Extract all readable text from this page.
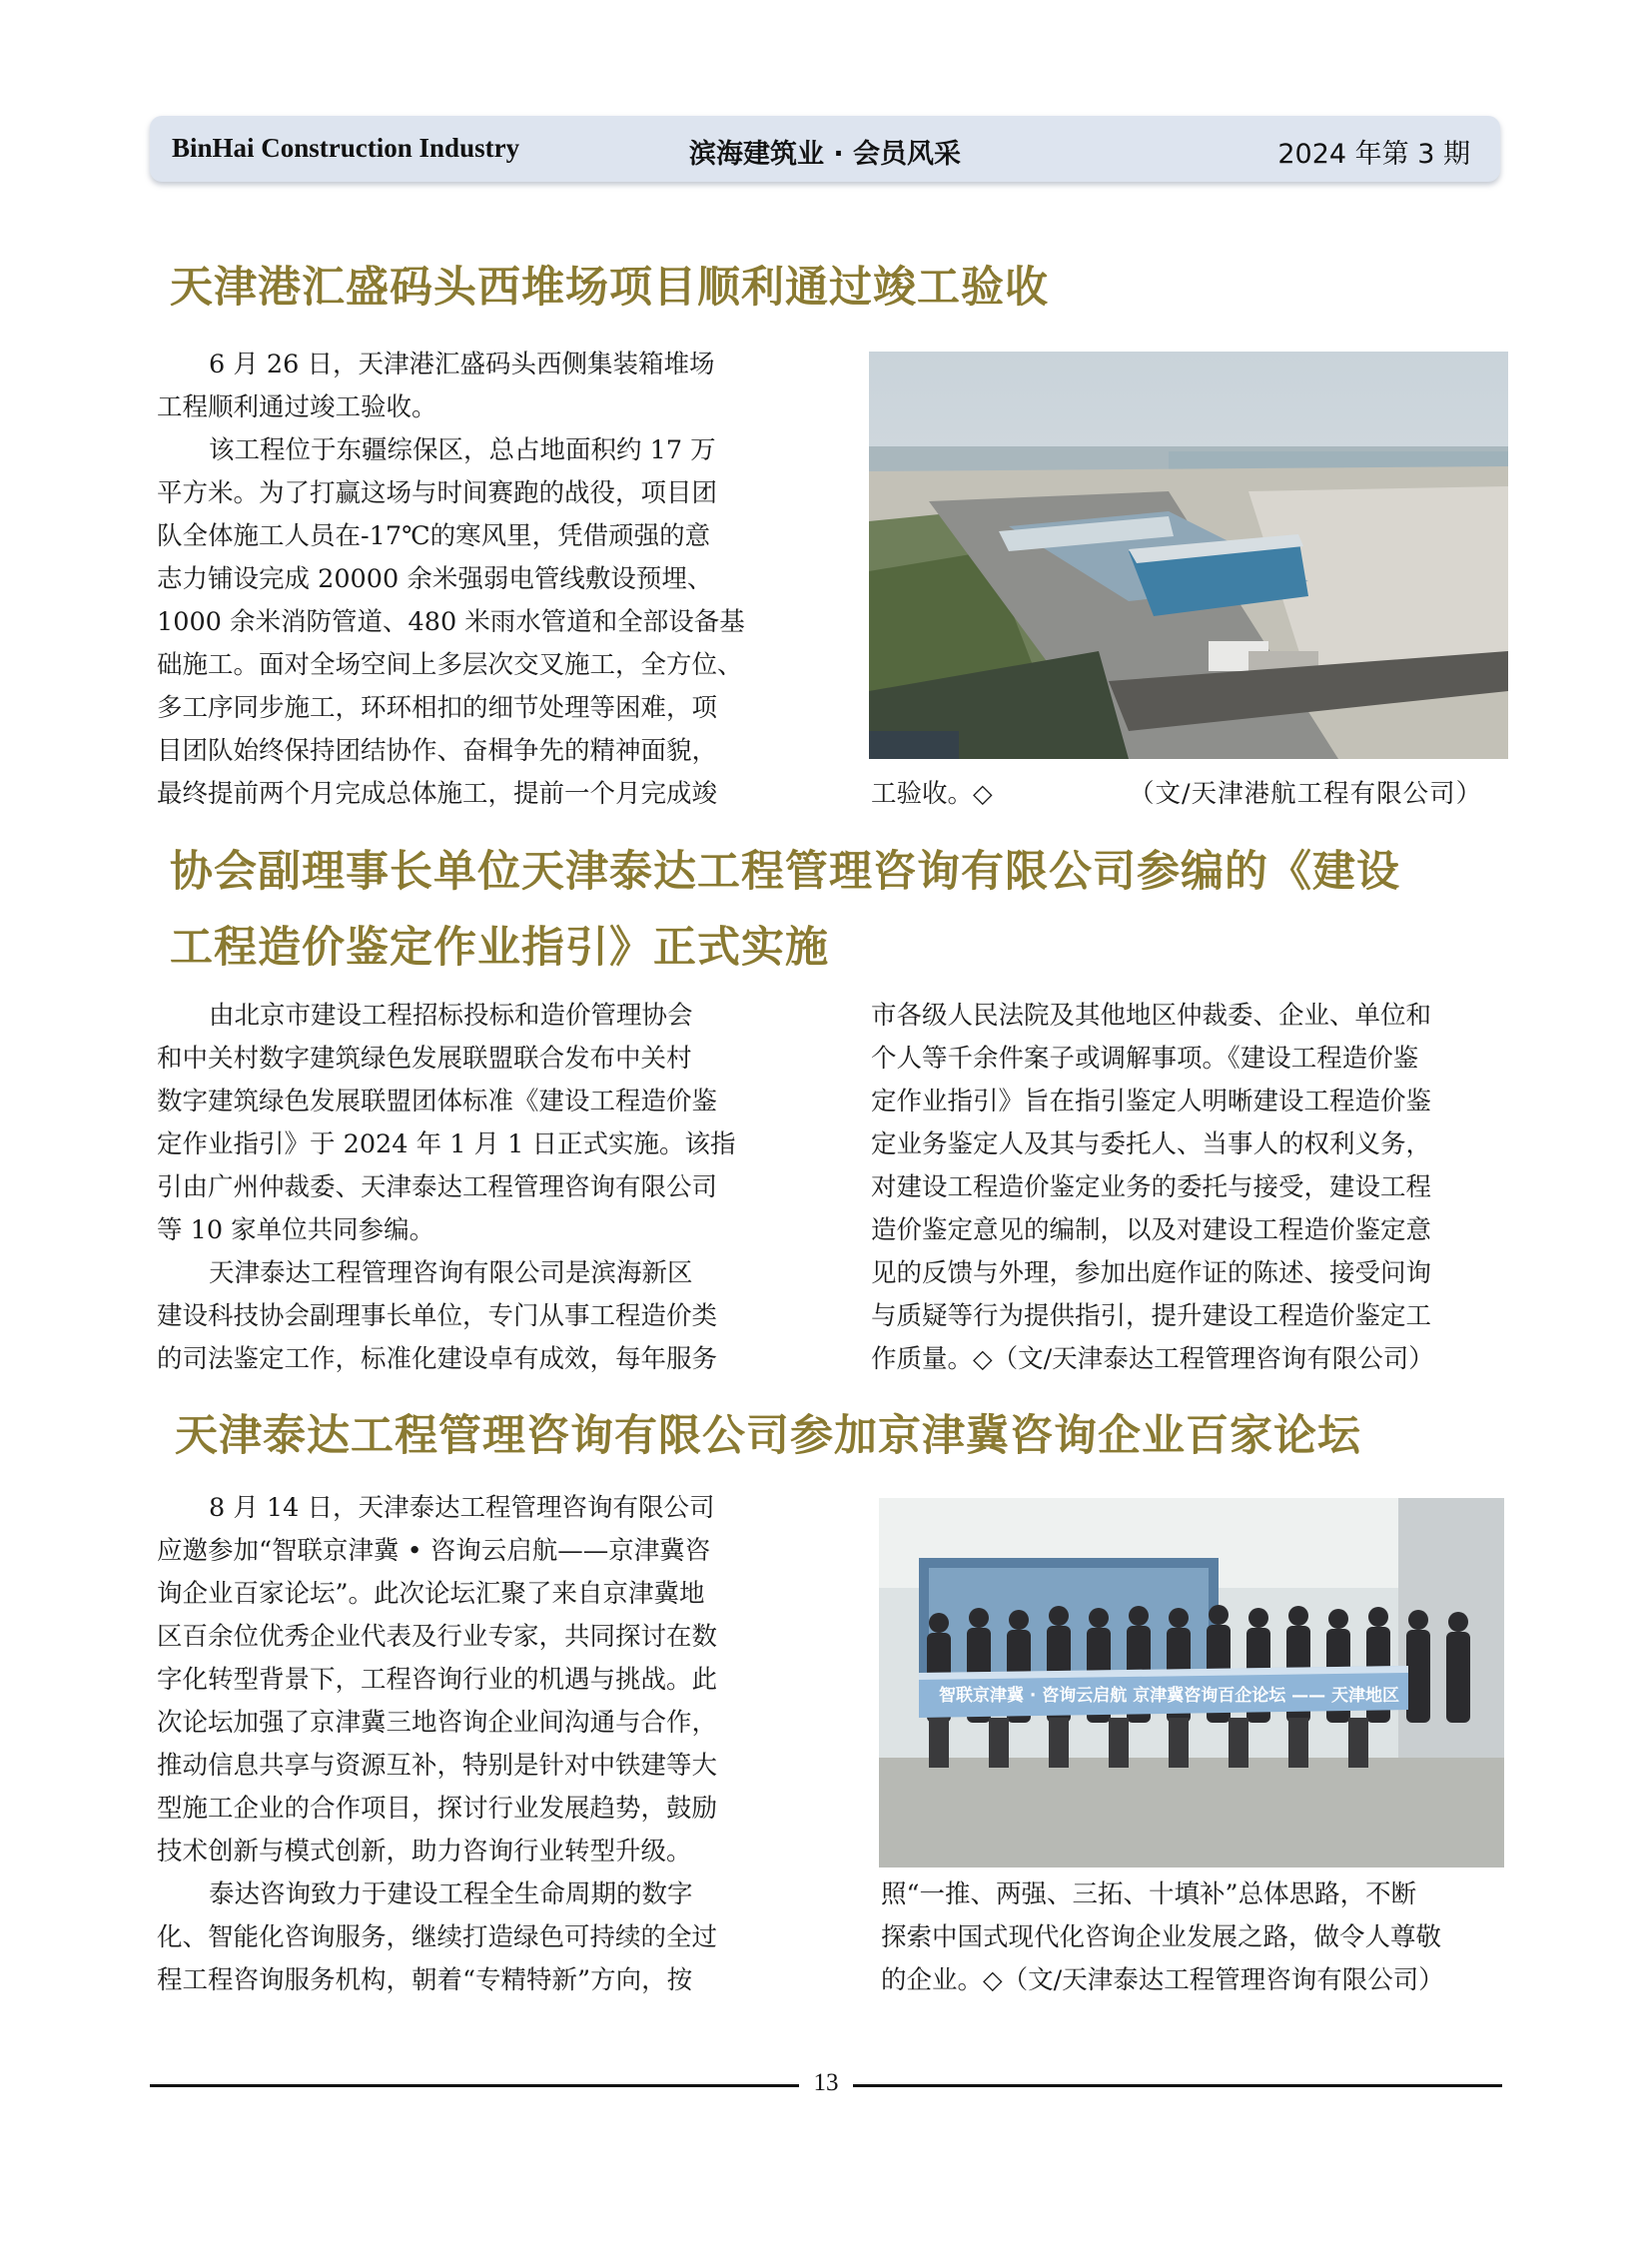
BinHai Construction Industry	滨海建筑业 · 会员风采	2024 年第 3 期
天津港汇盛码头西堆场项目顺利通过竣工验收
6 月 26 日，天津港汇盛码头西侧集装箱堆场
工程顺利通过竣工验收。
该工程位于东疆综保区，总占地面积约 17 万
平方米。为了打赢这场与时间赛跑的战役，项目团
队全体施工人员在-17℃的寒风里，凭借顽强的意
志力铺设完成 20000 余米强弱电管线敷设预埋、
1000 余米消防管道、480 米雨水管道和全部设备基
础施工。面对全场空间上多层次交叉施工，全方位、
多工序同步施工，环环相扣的细节处理等困难，项
目团队始终保持团结协作、奋楫争先的精神面貌，
最终提前两个月完成总体施工，提前一个月完成竣	工验收。◇	（文/天津港航工程有限公司）
协会副理事长单位天津泰达工程管理咨询有限公司参编的《建设
工程造价鉴定作业指引》正式实施
由北京市建设工程招标投标和造价管理协会
和中关村数字建筑绿色发展联盟联合发布中关村
数字建筑绿色发展联盟团体标准《建设工程造价鉴
定作业指引》于 2024 年 1 月 1 日正式实施。该指
引由广州仲裁委、天津泰达工程管理咨询有限公司
等 10 家单位共同参编。
天津泰达工程管理咨询有限公司是滨海新区
建设科技协会副理事长单位，专门从事工程造价类
的司法鉴定工作，标准化建设卓有成效，每年服务
市各级人民法院及其他地区仲裁委、企业、单位和
个人等千余件案子或调解事项。《建设工程造价鉴
定作业指引》旨在指引鉴定人明晰建设工程造价鉴
定业务鉴定人及其与委托人、当事人的权利义务，
对建设工程造价鉴定业务的委托与接受，建设工程
造价鉴定意见的编制，以及对建设工程造价鉴定意
见的反馈与外理，参加出庭作证的陈述、接受问询
与质疑等行为提供指引，提升建设工程造价鉴定工
作质量。◇（文/天津泰达工程管理咨询有限公司）
天津泰达工程管理咨询有限公司参加京津冀咨询企业百家论坛
8 月 14 日，天津泰达工程管理咨询有限公司
应邀参加“智联京津冀 • 咨询云启航——京津冀咨
询企业百家论坛”。此次论坛汇聚了来自京津冀地
区百余位优秀企业代表及行业专家，共同探讨在数
字化转型背景下，工程咨询行业的机遇与挑战。此
次论坛加强了京津冀三地咨询企业间沟通与合作，
推动信息共享与资源互补，特别是针对中铁建等大
型施工企业的合作项目，探讨行业发展趋势，鼓励
技术创新与模式创新，助力咨询行业转型升级。
泰达咨询致力于建设工程全生命周期的数字
化、智能化咨询服务，继续打造绿色可持续的全过
程工程咨询服务机构，朝着“专精特新”方向，按
智联京津冀 · 咨询云启航 京津冀咨询百企论坛 —— 天津地区
照“一推、两强、三拓、十填补”总体思路，不断
探索中国式现代化咨询企业发展之路，做令人尊敬
的企业。◇（文/天津泰达工程管理咨询有限公司）
13
